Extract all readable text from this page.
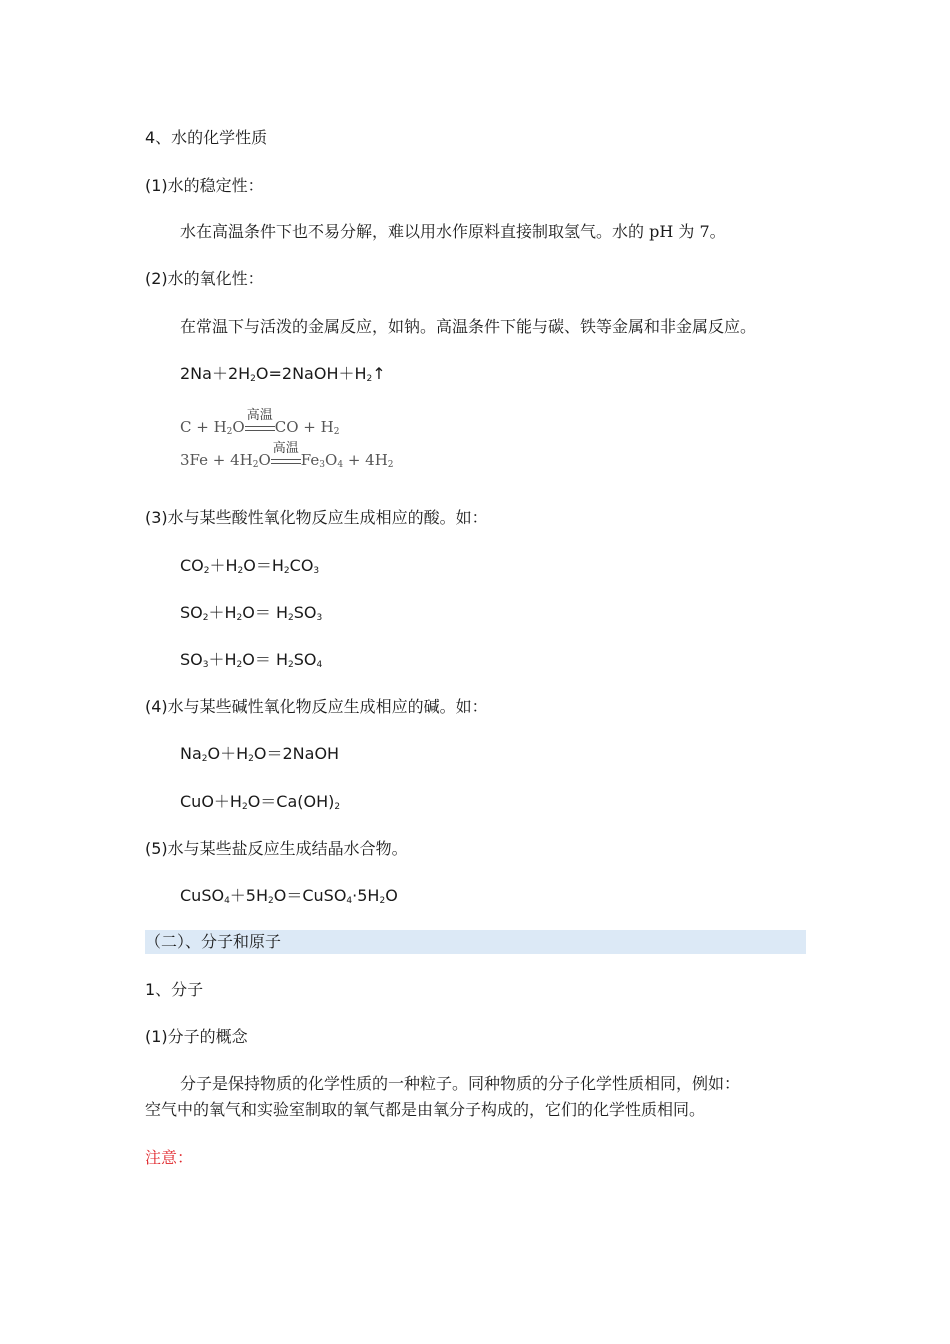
4、水的化学性质
(1)水的稳定性：
水在高温条件下也不易分解，难以用水作原料直接制取氢气。水的 pH 为 7。
(2)水的氧化性：
在常温下与活泼的金属反应，如钠。高温条件下能与碳、铁等金属和非金属反应。
$2Na+2H_2O=2NaOH+H_2↑$
$C + H_2O$
高温
CO + $H_2$
$3Fe + 4H_2O$
高温
$Fe_3O_4 + 4H_2$
(3)水与某些酸性氧化物反应生成相应的酸。如：
$CO_2+H_2O=H_2CO_3$
$SO_2+H_2O= H_2SO_3$
$SO_3+H_2O= H_2SO_4$
(4)水与某些碱性氧化物反应生成相应的碱。如：
$Na_2O+H_2O=2NaOH$
$CuO+H_2O=Ca(OH)_2$
(5)水与某些盐反应生成结晶水合物。
$CuSO_4+5H_2O=CuSO_4\cdot 5H_2O$
（二）、分子和原子
1、分子
(1)分子的概念
分子是保持物质的化学性质的一种粒子。同种物质的分子化学性质相同，例如：
空气中的氧气和实验室制取的氧气都是由氧分子构成的，它们的化学性质相同。
注意：
